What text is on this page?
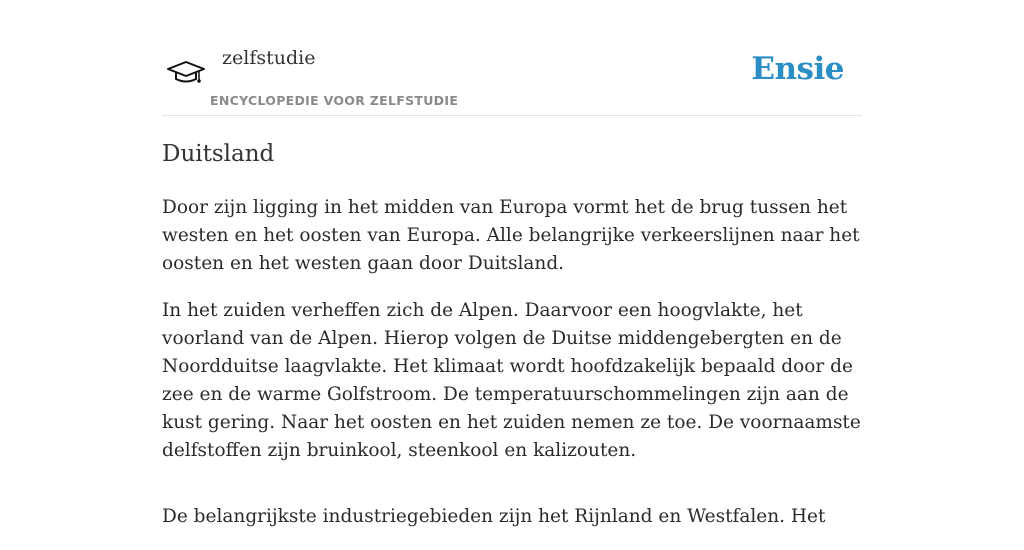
zelfstudie
ENCYCLOPEDIE VOOR ZELFSTUDIE
Ensie
Duitsland

Door zijn ligging in het midden van Europa vormt het de brug tussen het westen en het oosten van Europa. Alle belangrijke verkeerslijnen naar het oosten en het westen gaan door Duitsland.

In het zuiden verheffen zich de Alpen. Daarvoor een hoogvlakte, het voorland van de Alpen. Hierop volgen de Duitse middengebergten en de Noordduitse laagvlakte. Het klimaat wordt hoofdzakelijk bepaald door de zee en de warme Golfstroom. De temperatuurschommelingen zijn aan de kust gering. Naar het oosten en het zuiden nemen ze toe. De voornaamste delfstoffen zijn bruinkool, steenkool en kalizouten.

De belangrijkste industriegebieden zijn het Rijnland en Westfalen. Het
